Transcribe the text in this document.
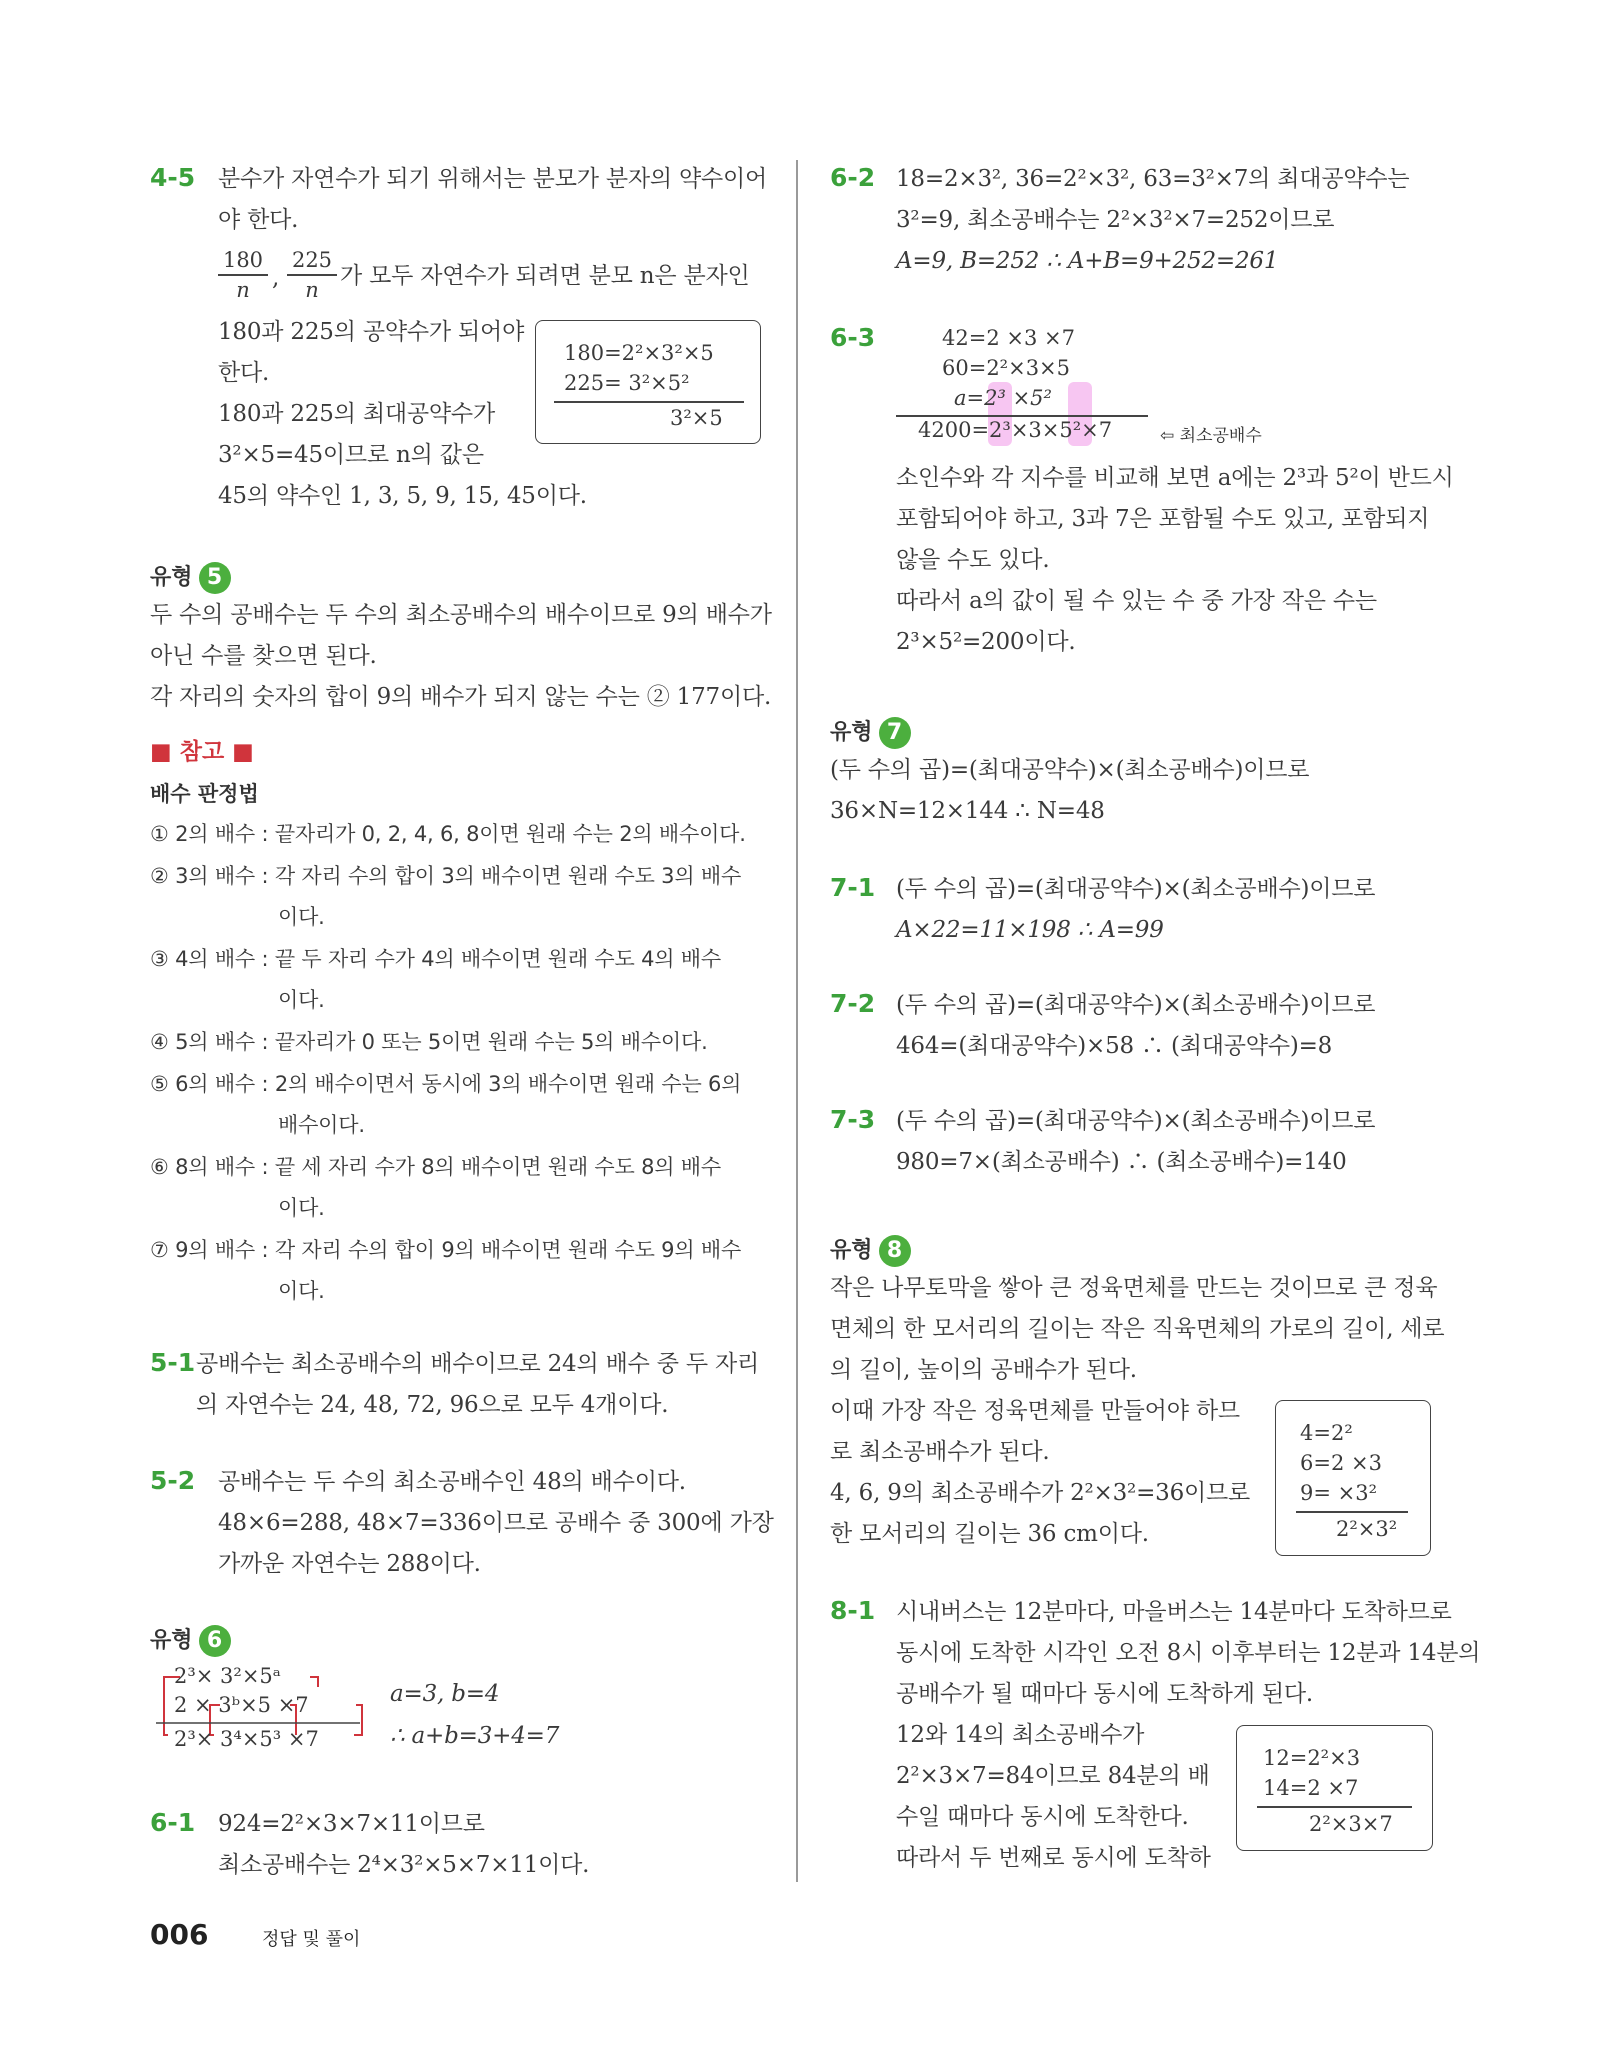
4-5 분수가 자연수가 되기 위해서는 분모가 분자의 약수이어
야 한다.
180
n ,
225
n
가 모두 자연수가 되려면 분모 n은 분자인
180과 225의 공약수가 되어야
한다.
180과 225의 최대공약수가
3²×5=45이므로 n의 값은
45의 약수인 1, 3, 5, 9, 15, 45이다.
180=2²×3²×5
225= 3²×5²
3²×5
유형 5
두 수의 공배수는 두 수의 최소공배수의 배수이므로 9의 배수가
아닌 수를 찾으면 된다.
각 자리의 숫자의 합이 9의 배수가 되지 않는 수는 ② 177이다.
■ 참고 ■
배수 판정법
① 2의 배수 : 끝자리가 0, 2, 4, 6, 8이면 원래 수는 2의 배수이다.
② 3의 배수 : 각 자리 수의 합이 3의 배수이면 원래 수도 3의 배수
이다.
③ 4의 배수 : 끝 두 자리 수가 4의 배수이면 원래 수도 4의 배수
이다.
④ 5의 배수 : 끝자리가 0 또는 5이면 원래 수는 5의 배수이다.
⑤ 6의 배수 : 2의 배수이면서 동시에 3의 배수이면 원래 수는 6의
배수이다.
⑥ 8의 배수 : 끝 세 자리 수가 8의 배수이면 원래 수도 8의 배수
이다.
⑦ 9의 배수 : 각 자리 수의 합이 9의 배수이면 원래 수도 9의 배수
이다.
5-1 공배수는 최소공배수의 배수이므로 24의 배수 중 두 자리
의 자연수는 24, 48, 72, 96으로 모두 4개이다.
5-2 공배수는 두 수의 최소공배수인 48의 배수이다.
48×6=288, 48×7=336이므로 공배수 중 300에 가장
가까운 자연수는 288이다.
유형 6
2³× 3²×5ᵃ
2 × 3ᵇ×5 ×7
2³× 3⁴×5³ ×7
a=3, b=4
∴ a+b=3+4=7
6-1 924=2²×3×7×11이므로
최소공배수는 2⁴×3²×5×7×11이다.
6-2 18=2×3², 36=2²×3², 63=3²×7의 최대공약수는
3²=9, 최소공배수는 2²×3²×7=252이므로
A=9, B=252 ∴ A+B=9+252=261
6-3	42=2 ×3 ×7
60=2²×3×5
a=2³ ×5²
4200=2³×3×5²×7	⇦ 최소공배수
소인수와 각 지수를 비교해 보면 a에는 2³과 5²이 반드시
포함되어야 하고, 3과 7은 포함될 수도 있고, 포함되지
않을 수도 있다.
따라서 a의 값이 될 수 있는 수 중 가장 작은 수는
2³×5²=200이다.
유형 7
(두 수의 곱)=(최대공약수)×(최소공배수)이므로
36×N=12×144 ∴ N=48
7-1 (두 수의 곱)=(최대공약수)×(최소공배수)이므로
A×22=11×198 ∴ A=99
7-2 (두 수의 곱)=(최대공약수)×(최소공배수)이므로
464=(최대공약수)×58 ∴ (최대공약수)=8
7-3 (두 수의 곱)=(최대공약수)×(최소공배수)이므로
980=7×(최소공배수) ∴ (최소공배수)=140
유형 8
작은 나무토막을 쌓아 큰 정육면체를 만드는 것이므로 큰 정육
면체의 한 모서리의 길이는 작은 직육면체의 가로의 길이, 세로
의 길이, 높이의 공배수가 된다.
이때 가장 작은 정육면체를 만들어야 하므
로 최소공배수가 된다.
4, 6, 9의 최소공배수가 2²×3²=36이므로
한 모서리의 길이는 36 cm이다.
4=2²
6=2 ×3
9= ×3²
2²×3²
8-1 시내버스는 12분마다, 마을버스는 14분마다 도착하므로
동시에 도착한 시각인 오전 8시 이후부터는 12분과 14분의
공배수가 될 때마다 동시에 도착하게 된다.
12와 14의 최소공배수가
2²×3×7=84이므로 84분의 배
수일 때마다 동시에 도착한다.
따라서 두 번째로 동시에 도착하
12=2²×3
14=2 ×7
2²×3×7
006	정답 및 풀이
